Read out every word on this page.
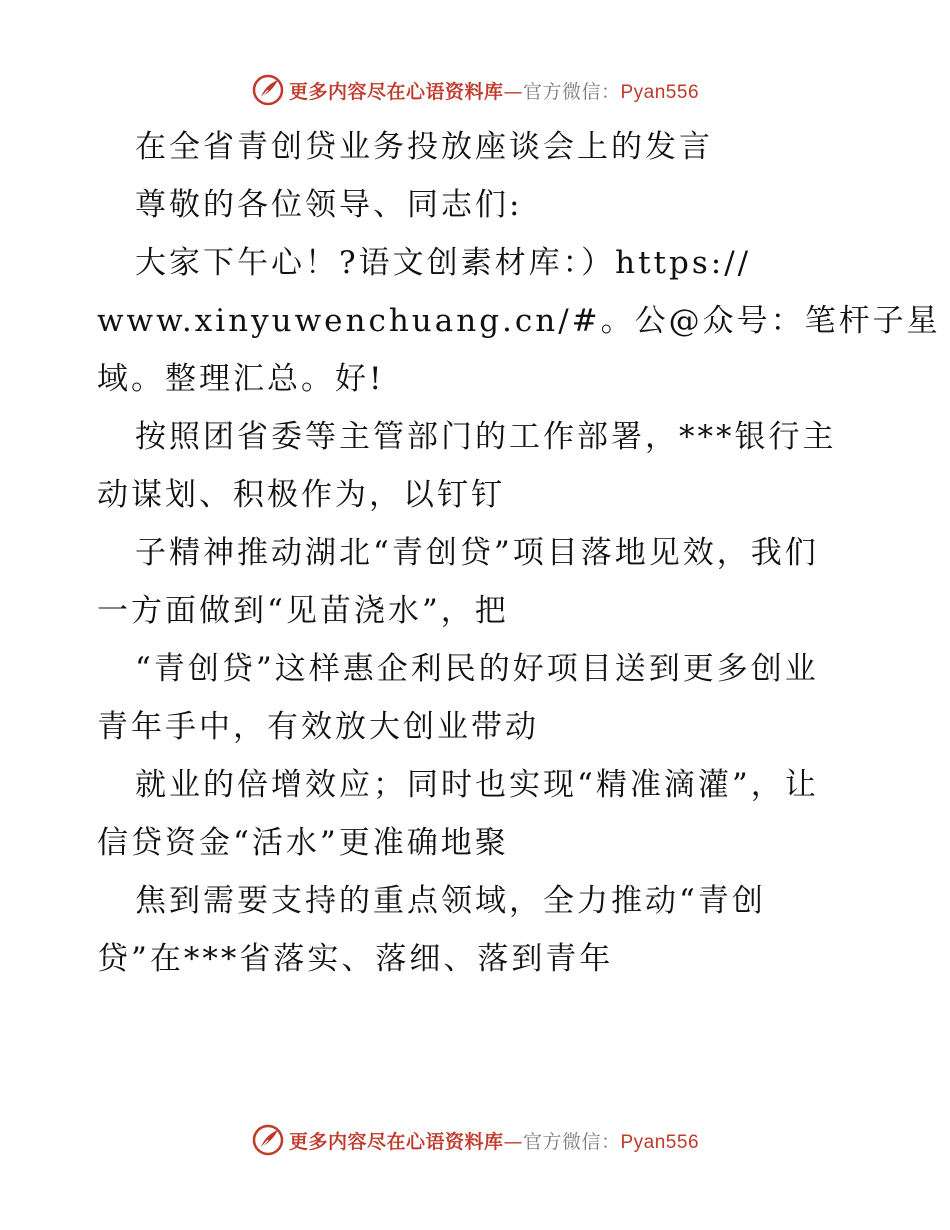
更多内容尽在心语资料库—官方微信：Pyan556
在全省青创贷业务投放座谈会上的发言
尊敬的各位领导、同志们:
大家下午心！?语文创素材库：）https://
www.xinyuwenchuang.cn/#。公@众号：笔杆子星
域。整理汇总。好!
按照团省委等主管部门的工作部署，***银行主
动谋划、积极作为，以钉钉
子精神推动湖北“青创贷”项目落地见效，我们
一方面做到“见苗浇水”，把
“青创贷”这样惠企利民的好项目送到更多创业
青年手中，有效放大创业带动
就业的倍增效应；同时也实现“精准滴灌”，让
信贷资金“活水”更准确地聚
焦到需要支持的重点领域，全力推动“青创
贷”在***省落实、落细、落到青年
更多内容尽在心语资料库—官方微信：Pyan556
